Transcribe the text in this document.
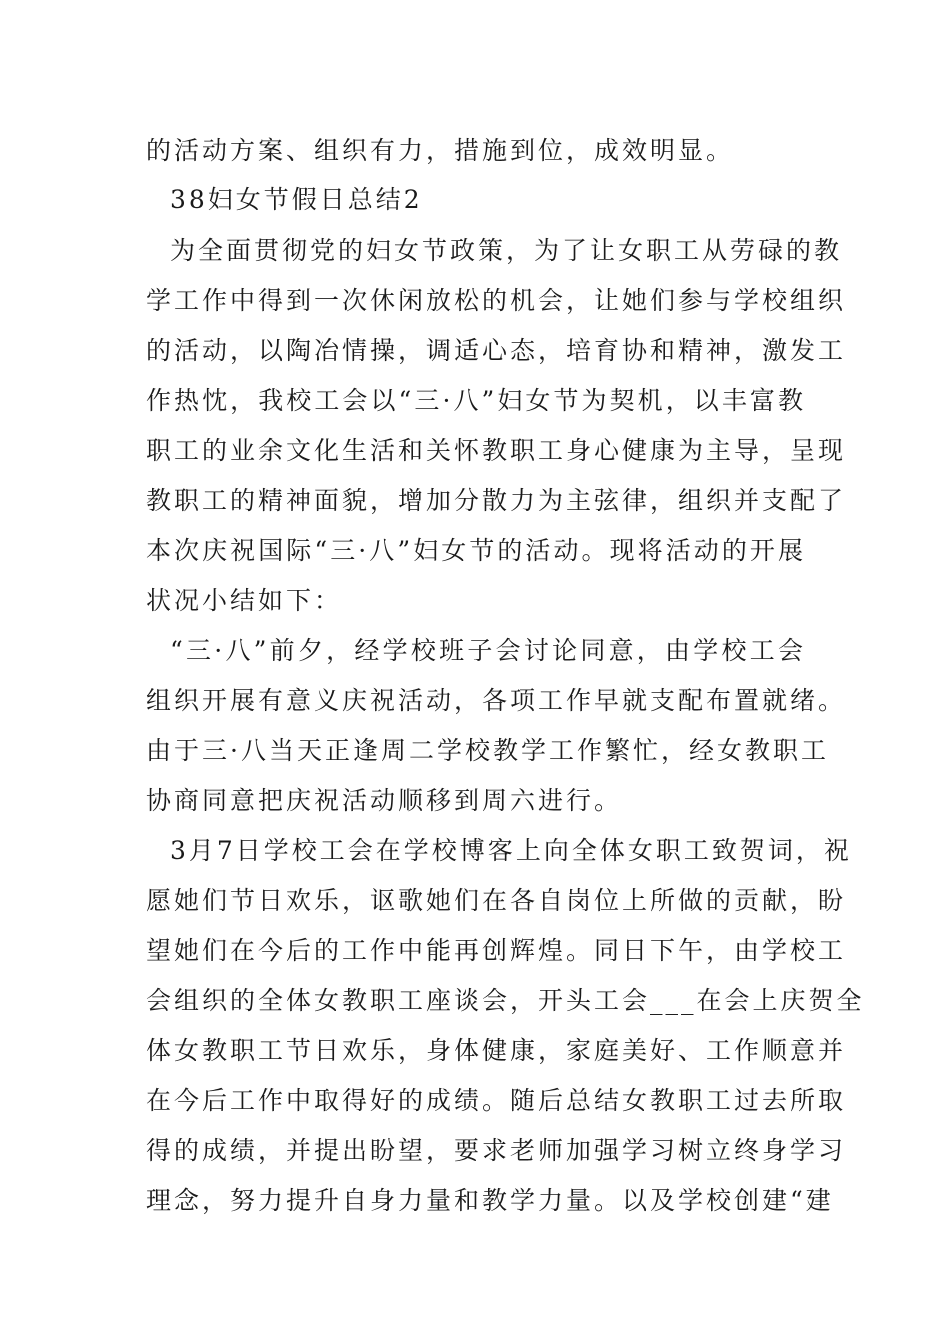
的活动方案、组织有力，措施到位，成效明显。
38妇女节假日总结2
为全面贯彻党的妇女节政策，为了让女职工从劳碌的教
学工作中得到一次休闲放松的机会，让她们参与学校组织
的活动，以陶冶情操，调适心态，培育协和精神，激发工
作热忱，我校工会以“三·八”妇女节为契机，以丰富教
职工的业余文化生活和关怀教职工身心健康为主导，呈现
教职工的精神面貌，增加分散力为主弦律，组织并支配了
本次庆祝国际“三·八”妇女节的活动。现将活动的开展
状况小结如下：
“三·八”前夕，经学校班子会讨论同意，由学校工会
组织开展有意义庆祝活动，各项工作早就支配布置就绪。
由于三·八当天正逢周二学校教学工作繁忙，经女教职工
协商同意把庆祝活动顺移到周六进行。
3月7日学校工会在学校博客上向全体女职工致贺词，祝
愿她们节日欢乐，讴歌她们在各自岗位上所做的贡献，盼
望她们在今后的工作中能再创辉煌。同日下午，由学校工
会组织的全体女教职工座谈会，开头工会___在会上庆贺全
体女教职工节日欢乐，身体健康，家庭美好、工作顺意并
在今后工作中取得好的成绩。随后总结女教职工过去所取
得的成绩，并提出盼望，要求老师加强学习树立终身学习
理念，努力提升自身力量和教学力量。以及学校创建“建
